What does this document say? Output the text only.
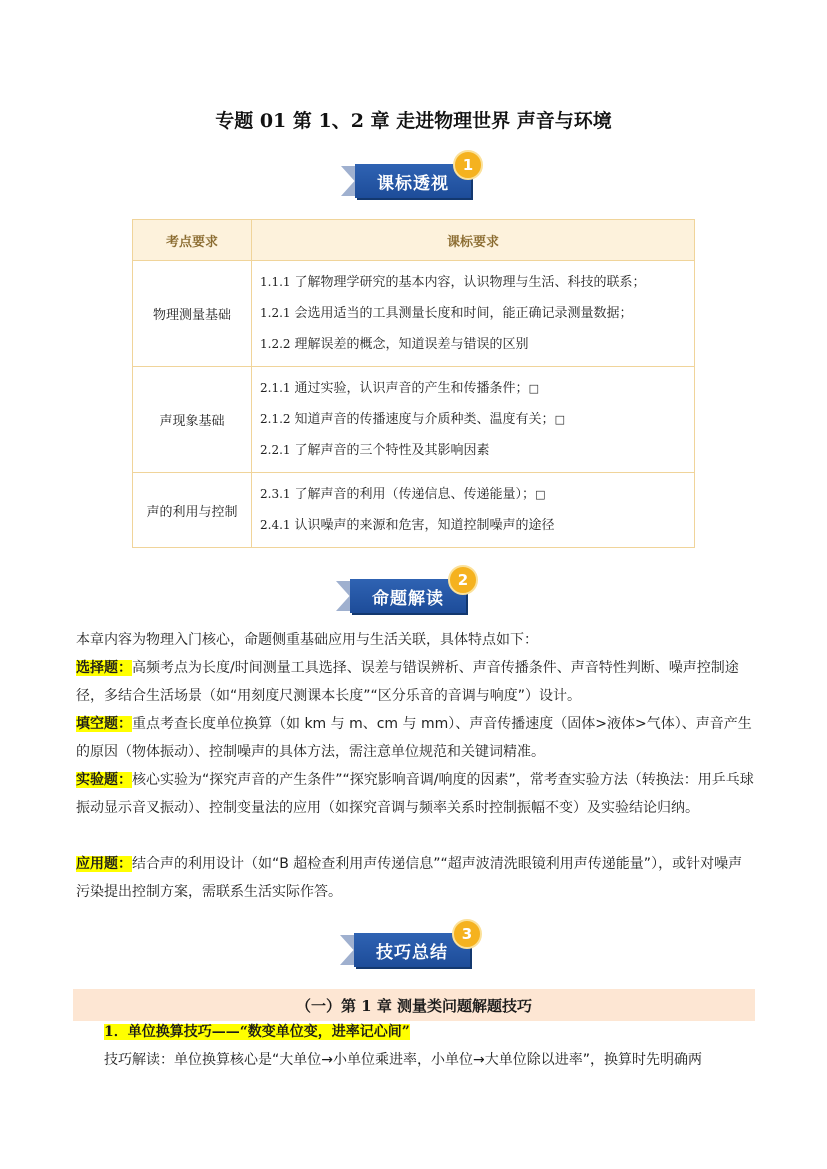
专题 01 第 1、2 章 走进物理世界 声音与环境
课标透视
1
考点要求	课标要求
物理测量基础	1.1.1 了解物理学研究的基本内容，认识物理与生活、科技的联系；
1.2.1 会选用适当的工具测量长度和时间，能正确记录测量数据；
1.2.2 理解误差的概念，知道误差与错误的区别

声现象基础	2.1.1 通过实验，认识声音的产生和传播条件；□
2.1.2 知道声音的传播速度与介质种类、温度有关；□
2.2.1 了解声音的三个特性及其影响因素

声的利用与控制	2.3.1 了解声音的利用（传递信息、传递能量）；□
2.4.1 认识噪声的来源和危害，知道控制噪声的途径
命题解读
2
本章内容为物理入门核心，命题侧重基础应用与生活关联，具体特点如下：
选择题：高频考点为长度/时间测量工具选择、误差与错误辨析、声音传播条件、声音特性判断、噪声控制途径，多结合生活场景（如“用刻度尺测课本长度”“区分乐音的音调与响度”）设计。
填空题：重点考查长度单位换算（如 km 与 m、cm 与 mm）、声音传播速度（固体>液体>气体）、声音产生的原因（物体振动）、控制噪声的具体方法，需注意单位规范和关键词精准。
实验题：核心实验为“探究声音的产生条件”“探究影响音调/响度的因素”，常考查实验方法（转换法：用乒乓球振动显示音叉振动）、控制变量法的应用（如探究音调与频率关系时控制振幅不变）及实验结论归纳。
应用题：结合声的利用设计（如“B 超检查利用声传递信息”“超声波清洗眼镜利用声传递能量”），或针对噪声污染提出控制方案，需联系生活实际作答。
技巧总结
3
（一）第 1 章 测量类问题解题技巧
1．单位换算技巧——“数变单位变，进率记心间”
技巧解读：单位换算核心是“大单位→小单位乘进率，小单位→大单位除以进率”，换算时先明确两
